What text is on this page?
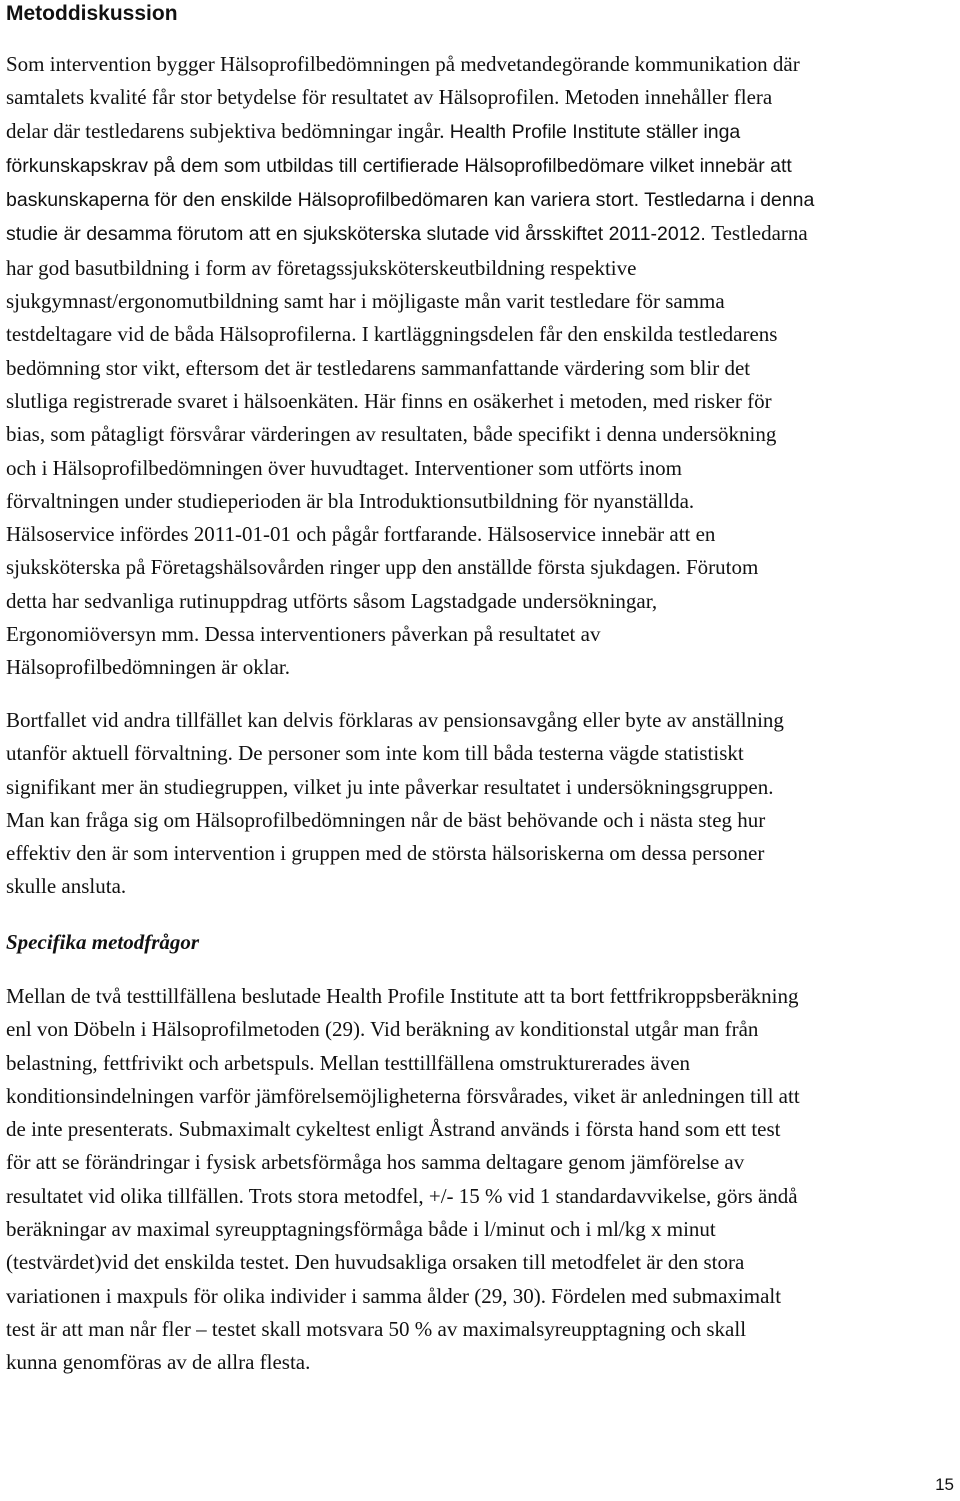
Metoddiskussion
Som intervention bygger Hälsoprofilbedömningen på medvetandegörande kommunikation där
samtalets kvalité får stor betydelse för resultatet av Hälsoprofilen. Metoden innehåller flera
delar där testledarens subjektiva bedömningar ingår. Health Profile Institute ställer inga
förkunskapskrav på dem som utbildas till certifierade Hälsoprofilbedömare vilket innebär att
baskunskaperna för den enskilde Hälsoprofilbedömaren kan variera stort. Testledarna i denna
studie är desamma förutom att en sjuksköterska slutade vid årsskiftet 2011-2012. Testledarna
har god basutbildning i form av företagssjuksköterskeutbildning respektive
sjukgymnast/ergonomutbildning samt har i möjligaste mån varit testledare för samma
testdeltagare vid de båda Hälsoprofilerna. I kartläggningsdelen får den enskilda testledarens
bedömning stor vikt, eftersom det är testledarens sammanfattande värdering som blir det
slutliga registrerade svaret i hälsoenkäten. Här finns en osäkerhet i metoden, med risker för
bias, som påtagligt försvårar värderingen av resultaten, både specifikt i denna undersökning
och i Hälsoprofilbedömningen över huvudtaget. Interventioner som utförts inom
förvaltningen under studieperioden är bla Introduktionsutbildning för nyanställda.
Hälsoservice infördes 2011-01-01 och pågår fortfarande. Hälsoservice innebär att en
sjuksköterska på Företagshälsovården ringer upp den anställde första sjukdagen. Förutom
detta har sedvanliga rutinuppdrag utförts såsom Lagstadgade undersökningar,
Ergonomiöversyn mm. Dessa interventioners påverkan på resultatet av
Hälsoprofilbedömningen är oklar.
Bortfallet vid andra tillfället kan delvis förklaras av pensionsavgång eller byte av anställning
utanför aktuell förvaltning. De personer som inte kom till båda testerna vägde statistiskt
signifikant mer än studiegruppen, vilket ju inte påverkar resultatet i undersökningsgruppen.
Man kan fråga sig om Hälsoprofilbedömningen når de bäst behövande och i nästa steg hur
effektiv den är som intervention i gruppen med de största hälsoriskerna om dessa personer
skulle ansluta.
Specifika metodfrågor
Mellan de två testtillfällena beslutade Health Profile Institute att ta bort fettfrikroppsberäkning
enl von Döbeln i Hälsoprofilmetoden (29). Vid beräkning av konditionstal utgår man från
belastning, fettfrivikt och arbetspuls. Mellan testtillfällena omstrukturerades även
konditionsindelningen varför jämförelsemöjligheterna försvårades, viket är anledningen till att
de inte presenterats. Submaximalt cykeltest enligt Åstrand används i första hand som ett test
för att se förändringar i fysisk arbetsförmåga hos samma deltagare genom jämförelse av
resultatet vid olika tillfällen. Trots stora metodfel, +/- 15 % vid 1 standardavvikelse, görs ändå
beräkningar av maximal syreupptagningsförmåga både i l/minut och i ml/kg x minut
(testvärdet)vid det enskilda testet. Den huvudsakliga orsaken till metodfelet är den stora
variationen i maxpuls för olika individer i samma ålder (29, 30). Fördelen med submaximalt
test är att man når fler – testet skall motsvara 50 % av maximalsyreupptagning och skall
kunna genomföras av de allra flesta.
15
